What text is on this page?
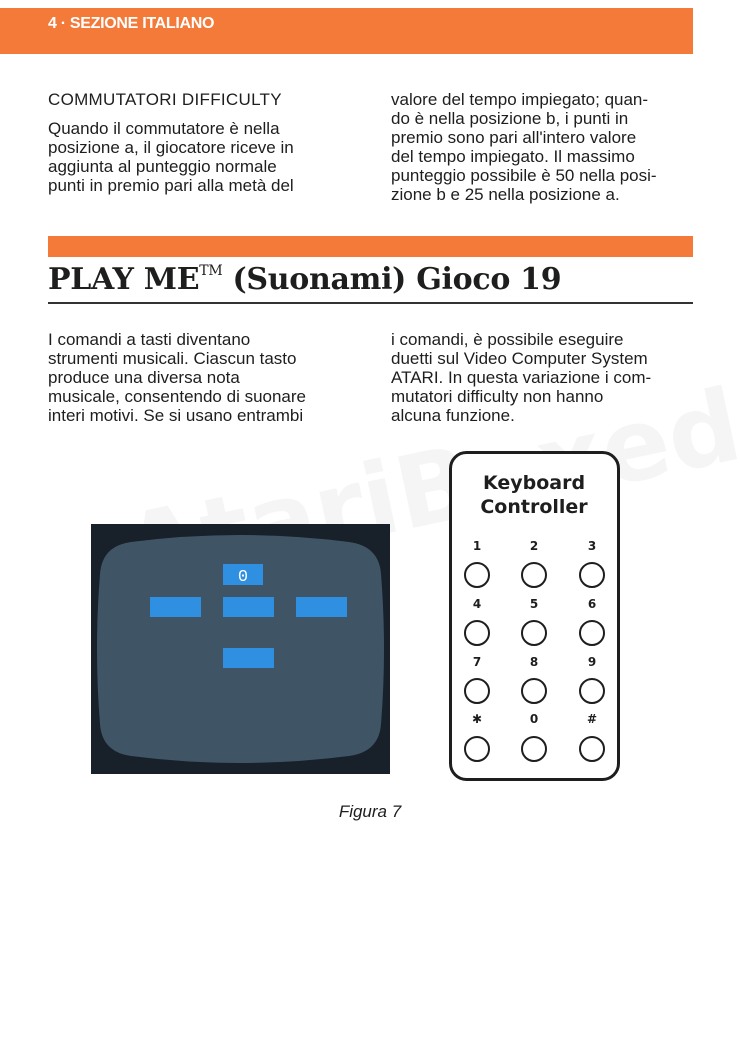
4 · SEZIONE ITALIANO
COMMUTATORI DIFFICULTY

Quando il commutatore è nella

posizione a, il giocatore riceve in

aggiunta al punteggio normale

punti in premio pari alla metà del

valore del tempo impiegato; quan-

do è nella posizione b, i punti in

premio sono pari all'intero valore

del tempo impiegato. Il massimo

punteggio possibile è 50 nella posi-

zione b e 25 nella posizione a.

PLAY ME™ (Suonami) Gioco 19

I comandi a tasti diventano

strumenti musicali. Ciascun tasto

produce una diversa nota

musicale, consentendo di suonare

interi motivi. Se si usano entrambi

i comandi, è possibile eseguire

duetti sul Video Computer System

ATARI. In questa variazione i com-

mutatori difficulty non hanno

alcuna funzione.

0
Keyboard
Controller
1	2	3
4	5	6
7	8	9
✱	0	#
Figura 7
